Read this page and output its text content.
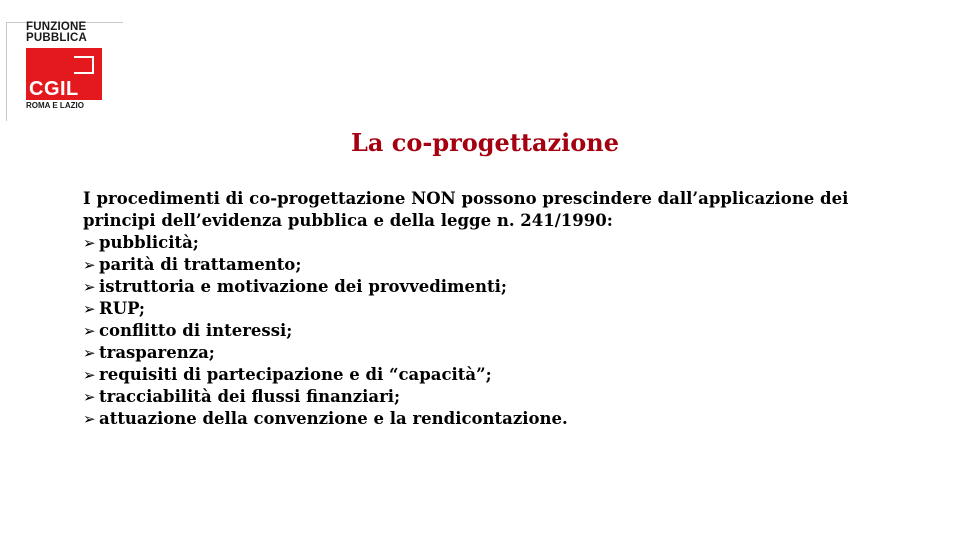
FUNZIONE
PUBBLICA
CGIL
ROMA E LAZIO
La co-progettazione

I procedimenti di co-progettazione NON possono prescindere dall’applicazione dei principi dell’evidenza pubblica e della legge n. 241/1990:

➢ pubblicità;
➢ parità di trattamento;
➢ istruttoria e motivazione dei provvedimenti;
➢ RUP;
➢ conflitto di interessi;
➢ trasparenza;
➢ requisiti di partecipazione e di “capacità”;
➢ tracciabilità dei flussi finanziari;
➢ attuazione della convenzione e la rendicontazione.
